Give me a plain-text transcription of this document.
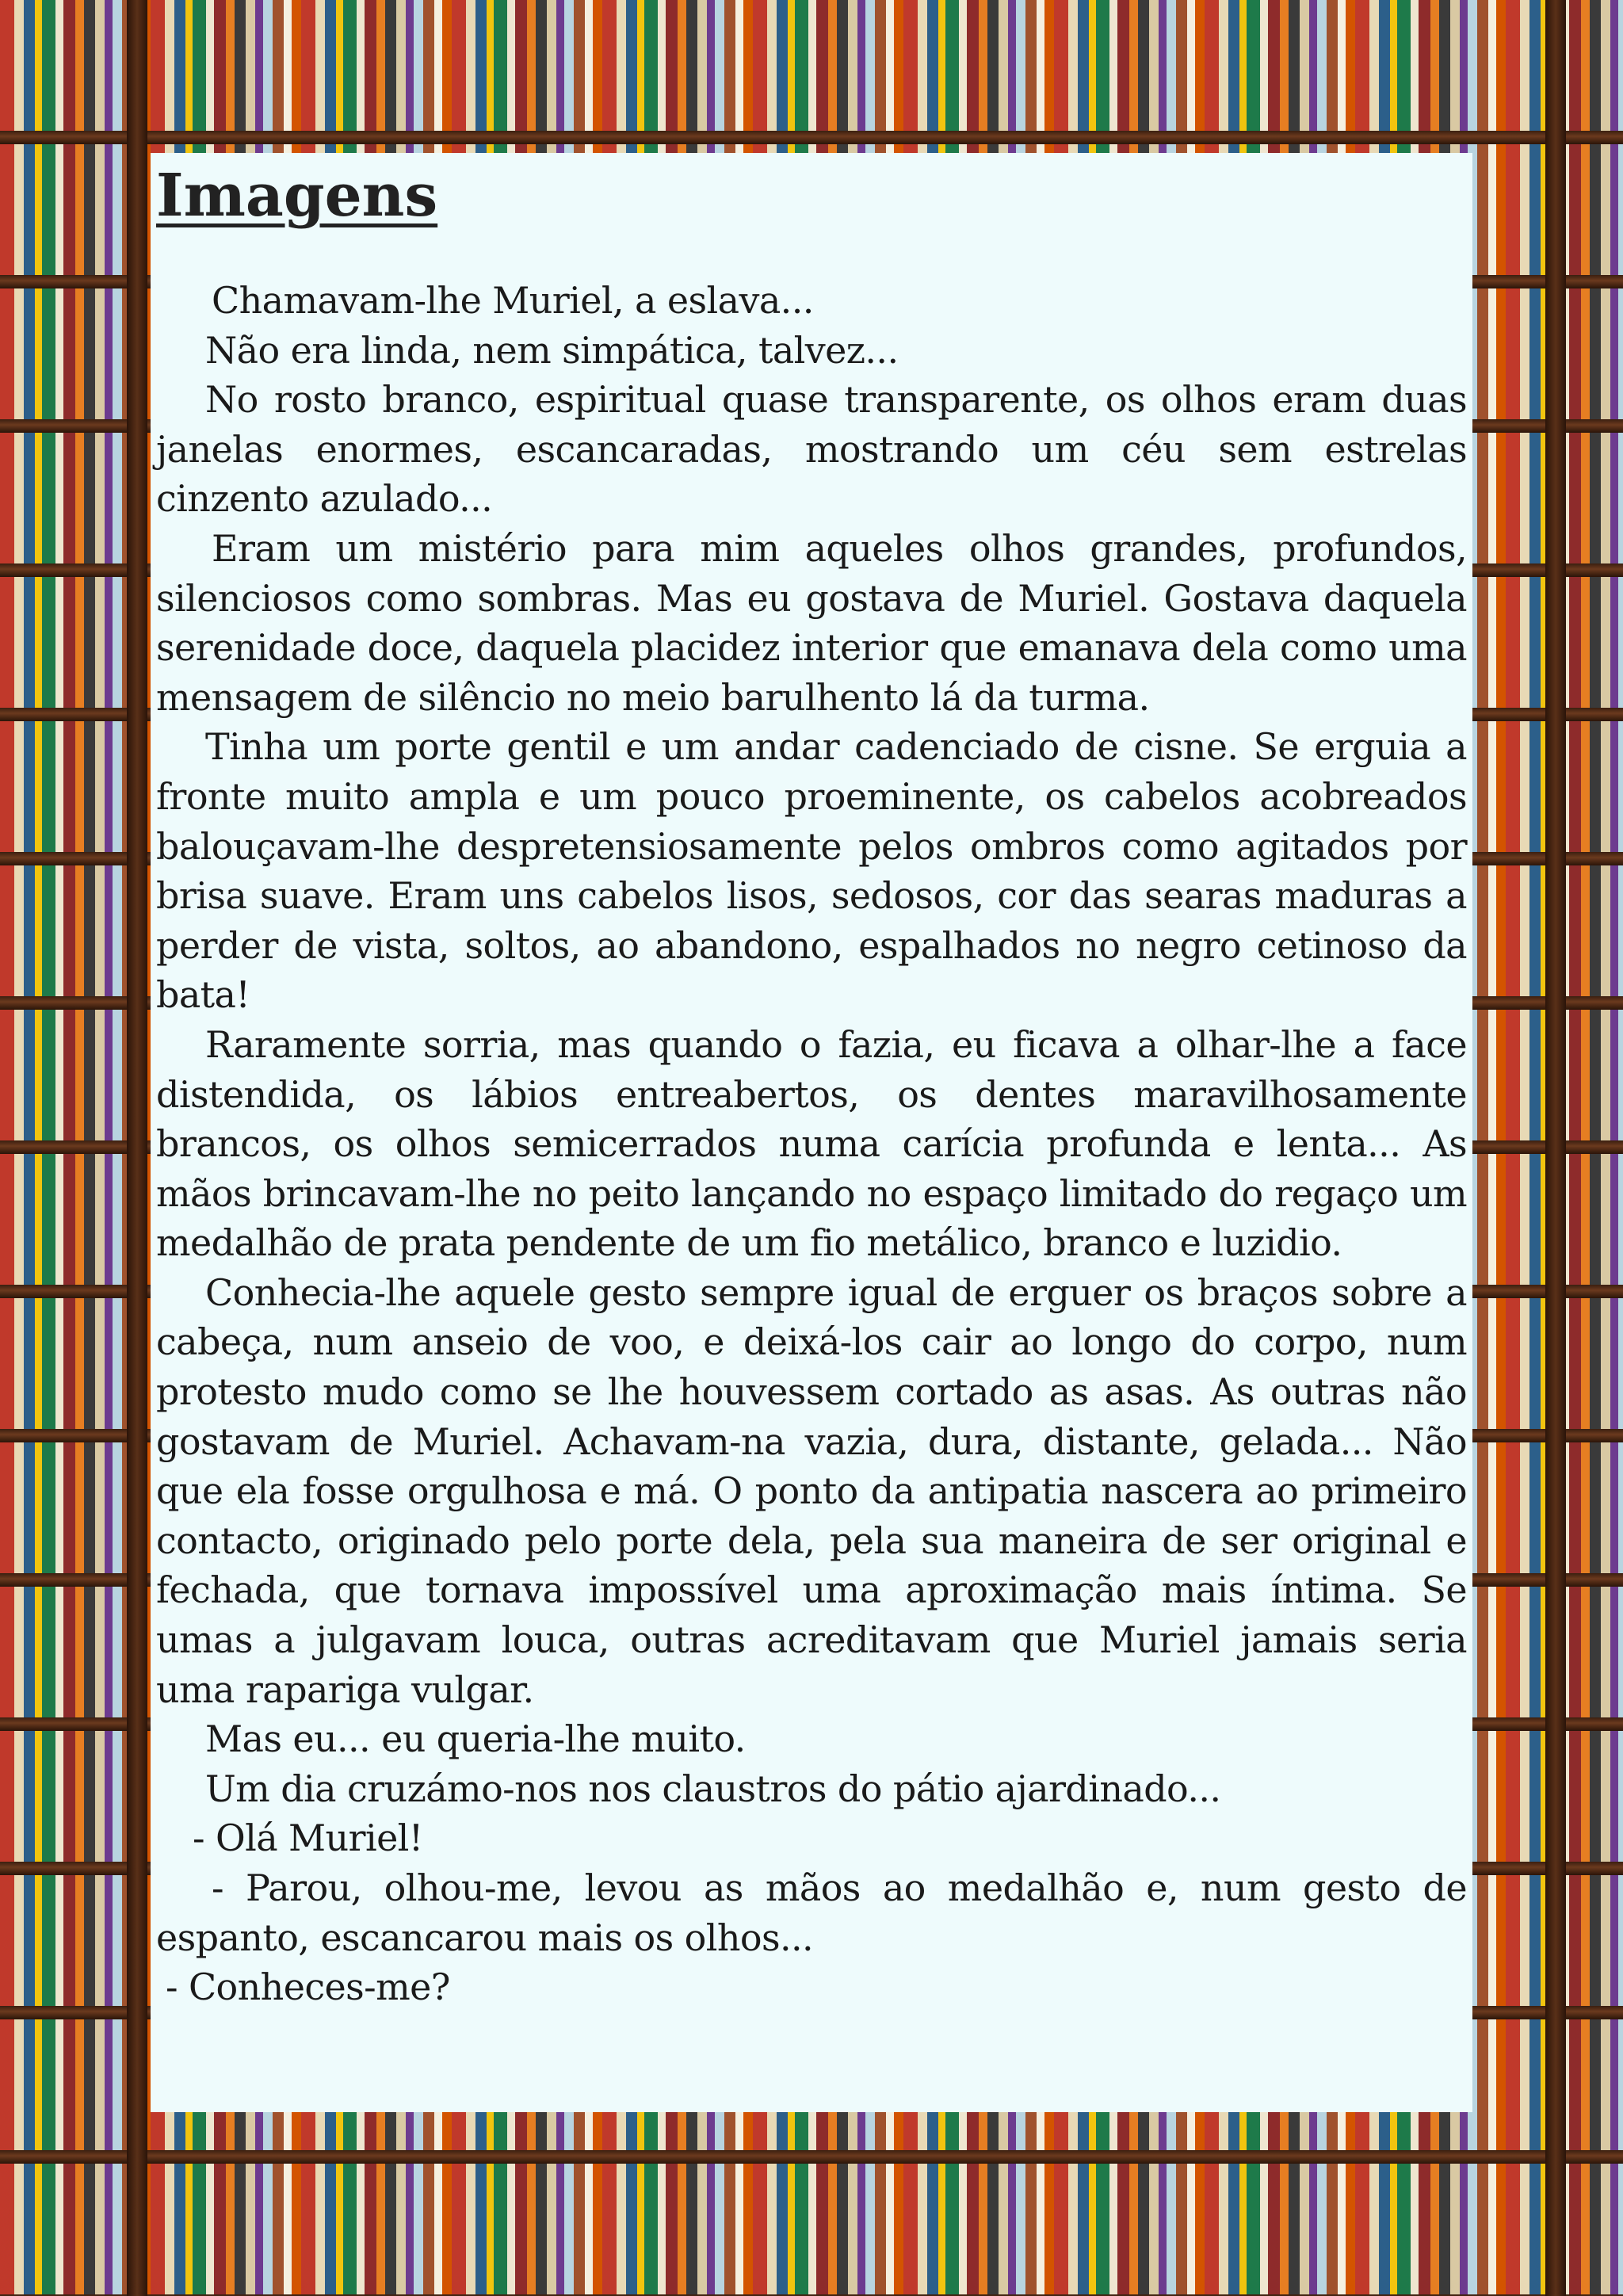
Imagens

Chamavam-lhe Muriel, a eslava...

Não era linda, nem simpática, talvez...

No rosto branco, espiritual quase transparente, os olhos eram duas janelas enormes, escancaradas, mostrando um céu sem estrelas cinzento azulado...

Eram um mistério para mim aqueles olhos grandes, profundos, silenciosos como sombras. Mas eu gostava de Muriel. Gostava daquela serenidade doce, daquela placidez interior que emanava dela como uma mensagem de silêncio no meio barulhento lá da turma.

Tinha um porte gentil e um andar cadenciado de cisne. Se erguia a fronte muito ampla e um pouco proeminente, os cabelos acobreados balouçavam-lhe despretensiosamente pelos ombros como agitados por brisa suave. Eram uns cabelos lisos, sedosos, cor das searas maduras a perder de vista, soltos, ao abandono, espalhados no negro cetinoso da bata!

Raramente sorria, mas quando o fazia, eu ficava a olhar-lhe a face distendida, os lábios entreabertos, os dentes maravilhosamente brancos, os olhos semicerrados numa carícia profunda e lenta... As mãos brincavam-lhe no peito lançando no espaço limitado do regaço um medalhão de prata pendente de um fio metálico, branco e luzidio.

Conhecia-lhe aquele gesto sempre igual de erguer os braços sobre a cabeça, num anseio de voo, e deixá-los cair ao longo do corpo, num protesto mudo como se lhe houvessem cortado as asas. As outras não gostavam de Muriel. Achavam-na vazia, dura, distante, gelada... Não que ela fosse orgulhosa e má. O ponto da antipatia nascera ao primeiro contacto, originado pelo porte dela, pela sua maneira de ser original e fechada, que tornava impossível uma aproximação mais íntima. Se umas a julgavam louca, outras acreditavam que Muriel jamais seria uma rapariga vulgar.

Mas eu... eu queria-lhe muito.

Um dia cruzámo-nos nos claustros do pátio ajardinado...

- Olá Muriel!

- Parou, olhou-me, levou as mãos ao medalhão e, num gesto de espanto, escancarou mais os olhos...

- Conheces-me?
